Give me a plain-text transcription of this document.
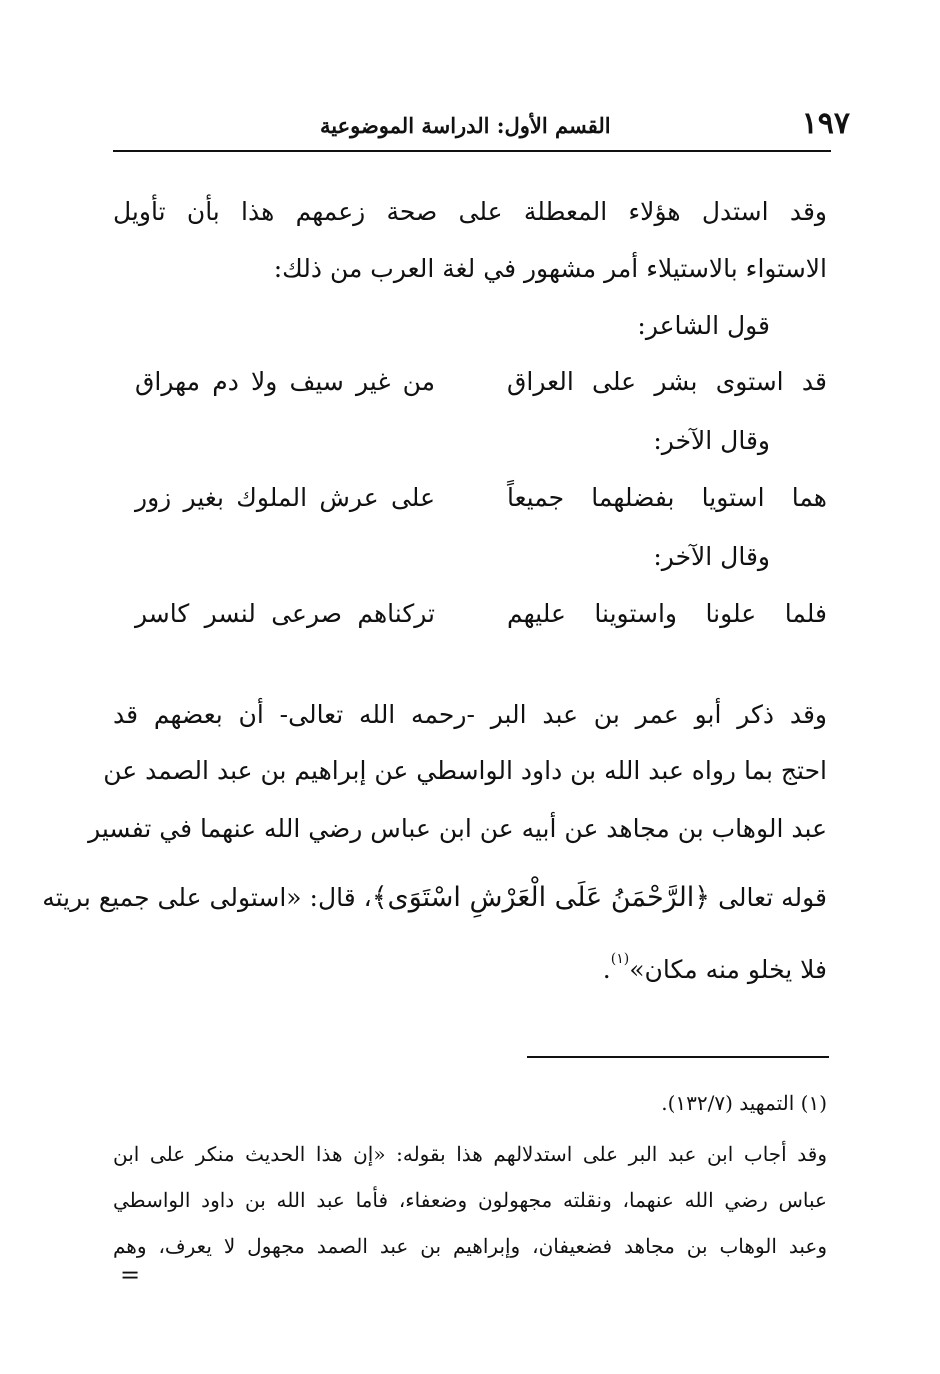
١٩٧
القسم الأول: الدراسة الموضوعية
وقد استدل هؤلاء المعطلة على صحة زعمهم هذا بأن تأويل
الاستواء بالاستيلاء أمر مشهور في لغة العرب من ذلك:
قول الشاعر:
قد استوى بشر على العراق
من غير سيف ولا دم مهراق
وقال الآخر:
هما استويا بفضلهما جميعاً
على عرش الملوك بغير زور
وقال الآخر:
فلما علونا واستوينا عليهم
تركناهم صرعى لنسر كاسر
وقد ذكر أبو عمر بن عبد البر -رحمه الله تعالى- أن بعضهم قد
احتج بما رواه عبد الله بن داود الواسطي عن إبراهيم بن عبد الصمد عن
عبد الوهاب بن مجاهد عن أبيه عن ابن عباس رضي الله عنهما في تفسير
قوله تعالى ﴿الرَّحْمَنُ عَلَى الْعَرْشِ اسْتَوَى﴾، قال: «استولى على جميع بريته
فلا يخلو منه مكان»$^{(١)}$.
(١) التمهيد (١٣٢/٧).
وقد أجاب ابن عبد البر على استدلالهم هذا بقوله: «إن هذا الحديث منكر على ابن
عباس رضي الله عنهما، ونقلته مجهولون وضعفاء، فأما عبد الله بن داود الواسطي
وعبد الوهاب بن مجاهد فضعيفان، وإبراهيم بن عبد الصمد مجهول لا يعرف، وهم
=
